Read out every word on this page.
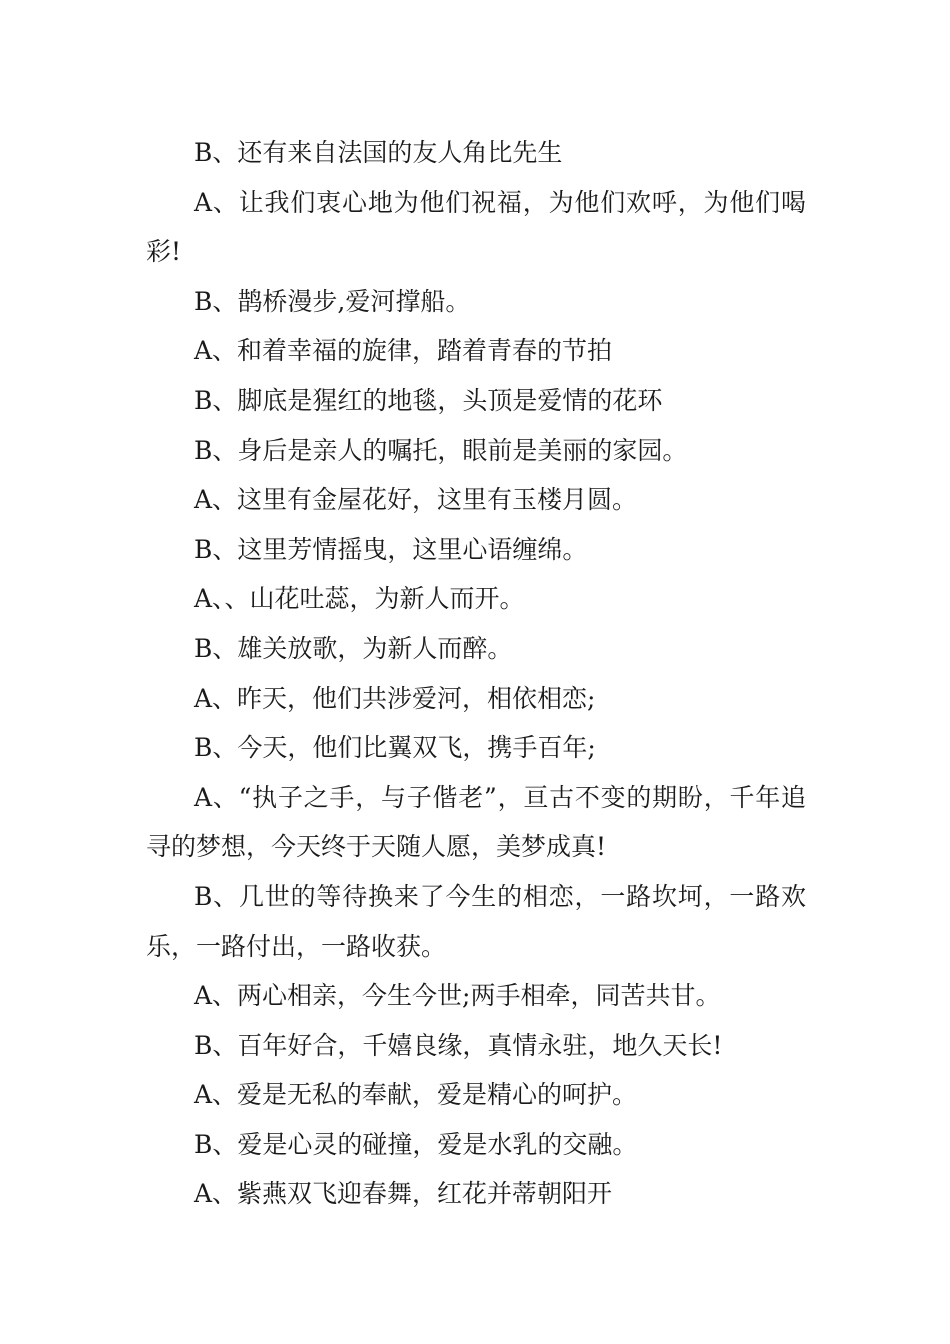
B、还有来自法国的友人角比先生

A、让我们衷心地为他们祝福，为他们欢呼，为他们喝彩!

B、鹊桥漫步,爱河撑船。

A、和着幸福的旋律，踏着青春的节拍

B、脚底是猩红的地毯，头顶是爱情的花环

B、身后是亲人的嘱托，眼前是美丽的家园。

A、这里有金屋花好，这里有玉楼月圆。

B、这里芳情摇曳，这里心语缠绵。

A、、山花吐蕊，为新人而开。

B、雄关放歌，为新人而醉。

A、昨天，他们共涉爱河，相依相恋;

B、今天，他们比翼双飞，携手百年;

A、“执子之手，与子偕老”，亘古不变的期盼，千年追寻的梦想，今天终于天随人愿，美梦成真!

B、几世的等待换来了今生的相恋，一路坎坷，一路欢乐，一路付出，一路收获。

A、两心相亲，今生今世;两手相牵，同苦共甘。

B、百年好合，千嬉良缘，真情永驻，地久天长!

A、爱是无私的奉献，爱是精心的呵护。

B、爱是心灵的碰撞，爱是水乳的交融。

A、紫燕双飞迎春舞，红花并蒂朝阳开
